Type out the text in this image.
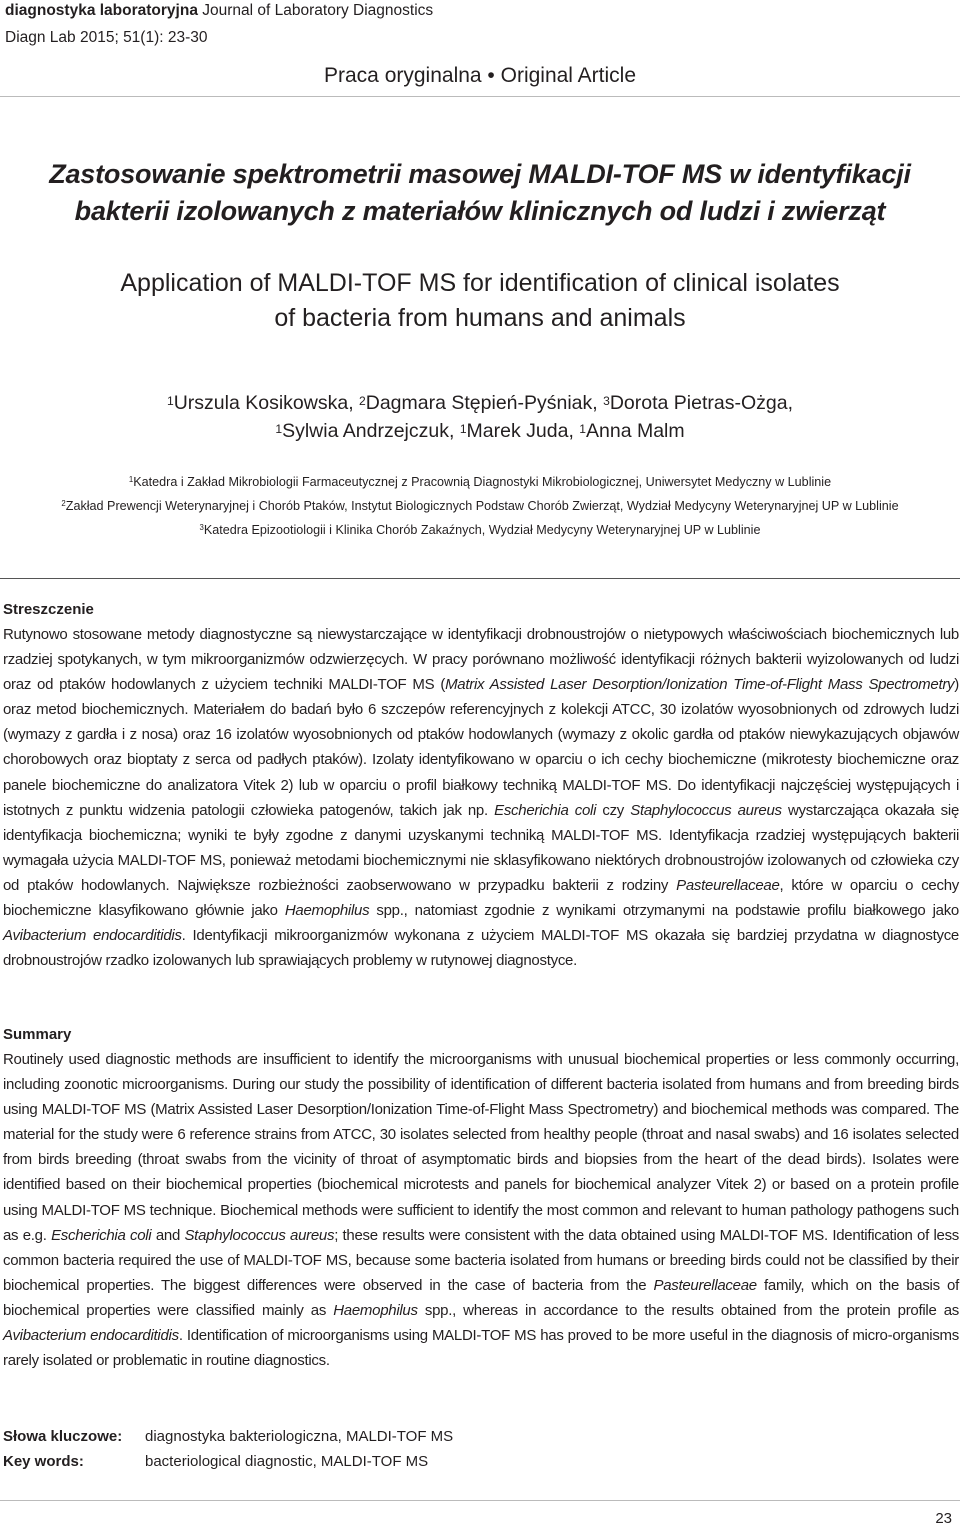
diagnostyka laboratoryjna Journal of Laboratory Diagnostics
Diagn Lab 2015; 51(1): 23-30
Praca oryginalna • Original Article
Zastosowanie spektrometrii masowej MALDI-TOF MS w identyfikacji
bakterii izolowanych z materiałów klinicznych od ludzi i zwierząt
Application of MALDI-TOF MS for identification of clinical isolates
of bacteria from humans and animals
$^1$Urszula Kosikowska, $^2$Dagmara Stępień-Pyśniak, $^3$Dorota Pietras-Ożga,
$^1$Sylwia Andrzejczuk, $^1$Marek Juda, $^1$Anna Malm
$^1$Katedra i Zakład Mikrobiologii Farmaceutycznej z Pracownią Diagnostyki Mikrobiologicznej, Uniwersytet Medyczny w Lublinie
$^2$Zakład Prewencji Weterynaryjnej i Chorób Ptaków, Instytut Biologicznych Podstaw Chorób Zwierząt, Wydział Medycyny Weterynaryjnej UP w Lublinie
$^3$Katedra Epizootiologii i Klinika Chorób Zakaźnych, Wydział Medycyny Weterynaryjnej UP w Lublinie
Streszczenie
Rutynowo stosowane metody diagnostyczne są niewystarczające w identyfikacji drobnoustrojów o nietypowych właściwościach biochemicznych lub rzadziej spotykanych, w tym mikroorganizmów odzwierzęcych. W pracy porównano możliwość identyfikacji różnych bakterii wyizolowanych od ludzi oraz od ptaków hodowlanych z użyciem techniki MALDI-TOF MS (Matrix Assisted Laser Desorption/Ionization Time-of-Flight Mass Spectrometry) oraz metod biochemicznych. Materiałem do badań było 6 szczepów referencyjnych z kolekcji ATCC, 30 izolatów wyosobnionych od zdrowych ludzi (wymazy z gardła i z nosa) oraz 16 izolatów wyosobnionych od ptaków hodowlanych (wymazy z okolic gardła od ptaków niewykazujących objawów chorobowych oraz bioptaty z serca od padłych ptaków). Izolaty identyfikowano w oparciu o ich cechy biochemiczne (mikrotesty biochemiczne oraz panele biochemiczne do analizatora Vitek 2) lub w oparciu o profil białkowy techniką MALDI-TOF MS. Do identyfikacji najczęściej występujących i istotnych z punktu widzenia patologii człowieka patogenów, takich jak np. Escherichia coli czy Staphylococcus aureus wystarczająca okazała się identyfikacja biochemiczna; wyniki te były zgodne z danymi uzyskanymi techniką MALDI-TOF MS. Identyfikacja rzadziej występujących bakterii wymagała użycia MALDI-TOF MS, ponieważ metodami biochemicznymi nie sklasyfikowano niektórych drobnoustrojów izolowanych od człowieka czy od ptaków hodowlanych. Największe rozbieżności zaobserwowano w przypadku bakterii z rodziny Pasteurellaceae, które w oparciu o cechy biochemiczne klasyfikowano głównie jako Haemophilus spp., natomiast zgodnie z wynikami otrzymanymi na podstawie profilu białkowego jako Avibacterium endocarditidis. Identyfikacji mikroorganizmów wykonana z użyciem MALDI-TOF MS okazała się bardziej przydatna w diagnostyce drobnoustrojów rzadko izolowanych lub sprawiających problemy w rutynowej diagnostyce.
Summary
Routinely used diagnostic methods are insufficient to identify the microorganisms with unusual biochemical properties or less commonly occurring, including zoonotic microorganisms. During our study the possibility of identification of different bacteria isolated from humans and from breeding birds using MALDI-TOF MS (Matrix Assisted Laser Desorption/Ionization Time-of-Flight Mass Spectrometry) and biochemical methods was compared. The material for the study were 6 reference strains from ATCC, 30 isolates selected from healthy people (throat and nasal swabs) and 16 isolates selected from birds breeding (throat swabs from the vicinity of throat of asymptomatic birds and biopsies from the heart of the dead birds). Isolates were identified based on their biochemical properties (biochemical microtests and panels for biochemical analyzer Vitek 2) or based on a protein profile using MALDI-TOF MS technique. Biochemical methods were sufficient to identify the most common and relevant to human pathology pathogens such as e.g. Escherichia coli and Staphylococcus aureus; these results were consistent with the data obtained using MALDI-TOF MS. Identification of less common bacteria required the use of MALDI-TOF MS, because some bacteria isolated from humans or breeding birds could not be classified by their biochemical properties. The biggest differences were observed in the case of bacteria from the Pasteurellaceae family, which on the basis of biochemical properties were classified mainly as Haemophilus spp., whereas in accordance to the results obtained from the protein profile as Avibacterium endocarditidis. Identification of microorganisms using MALDI-TOF MS has proved to be more useful in the diagnosis of micro-organisms rarely isolated or problematic in routine diagnostics.
Słowa kluczowe: diagnostyka bakteriologiczna, MALDI-TOF MS
Key words:	bacteriological diagnostic, MALDI-TOF MS
23
